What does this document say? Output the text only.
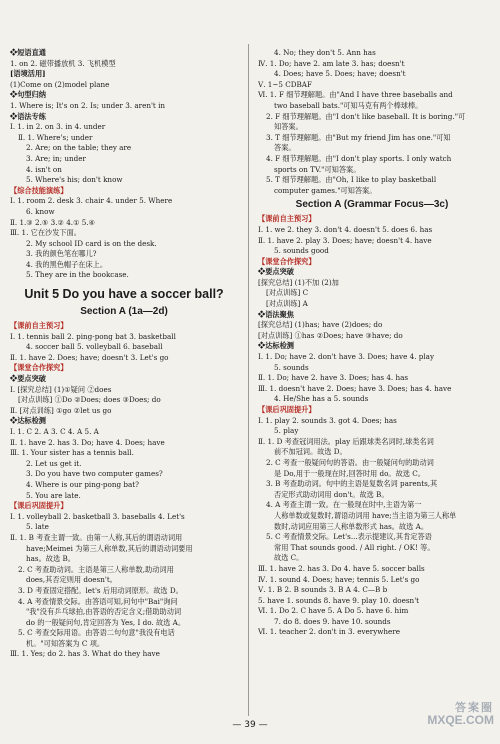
❖短语直通
1. on 2. 磁带播放机 3. 飞机模型
[语境活用]
(1)Come on (2)model plane
❖句型归纳
1. Where is; It's on 2. Is; under 3. aren't in
❖语法专练
Ⅰ. 1. in 2. on 3. in 4. under
Ⅱ. 1. Where's; under
2. Are; on the table; they are
3. Are; in; under
4. isn't on
5. Where's his; don't know
【综合技能演练】
Ⅰ. 1. room 2. desk 3. chair 4. under 5. Where
6. know
Ⅱ. 1.③ 2.⑤ 3.② 4.① 5.④
Ⅲ. 1. 它在沙发下面。
2. My school ID card is on the desk.
3. 我的颜色笔在哪儿?
4. 我的黑色帽子在床上。
5. They are in the bookcase.
Unit 5 Do you have a soccer ball?
Section A (1a—2d)
【课前自主预习】
Ⅰ. 1. tennis ball 2. ping-pong bat 3. basketball
4. soccer ball 5. volleyball 6. baseball
Ⅱ. 1. have 2. Does; have; doesn't 3. Let's go
【课堂合作探究】
❖要点突破
Ⅰ. [探究总结] (1)①疑问 ②does
[对点训练] ①Do ②Does; does ③Does; do
Ⅱ. [对点训练] ①go ②let us go
❖达标检测
Ⅰ. 1. C 2. A 3. C 4. A 5. A
Ⅱ. 1. have 2. has 3. Do; have 4. Does; have
Ⅲ. 1. Your sister has a tennis ball.
2. Let us get it.
3. Do you have two computer games?
4. Where is our ping-pong bat?
5. You are late.
【课后巩固提升】
Ⅰ. 1. volleyball 2. basketball 3. baseballs 4. Let's
5. late
Ⅱ. 1. B 考查主谓一致。由第一人称,其后的谓语动词用
have;Meimei 为第三人称单数,其后的谓语动词要用
has。故选 B。
2. C 考查助动词。主语是第三人称单数,助动词用
does,其否定则用 doesn't。
3. D 考查固定搭配。let's 后用动词原形。故选 D。
4. A 考查情景交际。由答语可知,问句中"Bai"询问
"我"没有乒乓球拍,由答语的否定含义;借助助动词
do 的一般疑问句,肯定回答为 Yes, I do. 故选 A。
5. C 考查交际用语。由答语二句句意"我没有电话
机。"可知答案为 C 项。
Ⅲ. 1. Yes; do 2. has 3. What do they have
4. No; they don't 5. Ann has
Ⅳ. 1. Do; have 2. am late 3. has; doesn't
4. Does; have 5. Does; have; doesn't
Ⅴ. 1~5 CDBAF
Ⅵ. 1. F 细节理解题。由"And I have three baseballs and
two baseball bats."可知马克有两个棒球棒。
2. F 细节理解题。由"I don't like baseball. It is boring."可
知答案。
3. T 细节理解题。由"But my friend Jim has one."可知
答案。
4. F 细节理解题。由"I don't play sports. I only watch
sports on TV."可知答案。
5. T 细节理解题。由"Oh, I like to play basketball
computer games."可知答案。
Section A (Grammar Focus—3c)
【课前自主预习】
Ⅰ. 1. we 2. they 3. don't 4. doesn't 5. does 6. has
Ⅱ. 1. have 2. play 3. Does; have; doesn't 4. have
5. sounds good
【课堂合作探究】
❖要点突破
[探究总结] (1)不加 (2)加
[对点训练] C
[对点训练] A
❖语法聚焦
[探究总结] (1)has; have (2)does; do
[对点训练] ①has ②Does; have ③have; do
❖达标检测
Ⅰ. 1. Do; have 2. don't have 3. Does; have 4. play
5. sounds
Ⅱ. 1. Do; have 2. have 3. Does; has 4. has
Ⅲ. 1. doesn't have 2. Does; have 3. Does; has 4. have
4. He/She has a 5. sounds
【课后巩固提升】
Ⅰ. 1. play 2. sounds 3. got 4. Does; has
5. play
Ⅱ. 1. D 考查冠词用法。play 后跟球类名词时,球类名词
前不加冠词。故选 D。
2. C 考查一般疑问句的答语。由一般疑问句的助动词
是 Do,用于一般现在时,回答时用 do。故选 C。
3. B 考查助动词。句中的主语是复数名词 parents,其
否定形式助动词用 don't。故选 B。
4. A 考查主谓一致。在一般现在时中,主语为第一
人称单数或复数时,谓语动词用 have;当主语为第三人称单
数时,动词应用第三人称单数形式 has。故选 A。
5. C 考查情景交际。Let's...表示提建议,其肯定答语
常用 That sounds good. / All right. / OK! 等。
故选 C。
Ⅲ. 1. have 2. has 3. Do 4. have 5. soccer balls
Ⅳ. 1. sound 4. Does; have; tennis 5. Let's go
Ⅴ. 1. B 2. B sounds 3. B A 4. C—B b
5. have 1. sounds 8. have 9. play 10. doesn't
Ⅵ. 1. Do 2. C have 5. A Do 5. have 6. him
7. do 8. does 9. have 10. sounds
Ⅵ. 1. teacher 2. don't in 3. everywhere
— 39 —
答案圈
MXQE.COM
